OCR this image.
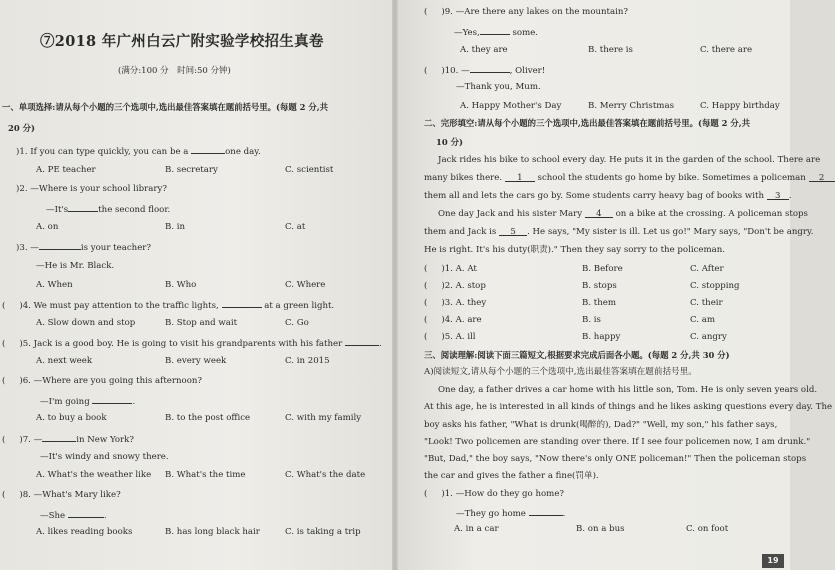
⑦2018 年广州白云广附实验学校招生真卷
(满分:100 分　时间:50 分钟)
一、单项选择:请从每个小题的三个选项中,选出最佳答案填在题前括号里。(每题 2 分,共
20 分)
)1. If you can type quickly, you can be a	one day.
A. PE teacher	B. secretary	C. scientist
)2. —Where is your school library?
—It's	the second floor.
A. on	B. in	C. at
)3. —	is your teacher?
—He is Mr. Black.
A. When	B. Who	C. Where
( )4. We must pay attention to the traffic lights,	at a green light.
A. Slow down and stop	B. Stop and wait	C. Go
( )5. Jack is a good boy. He is going to visit his grandparents with his father	.
A. next week	B. every week	C. in 2015
( )6. —Where are you going this afternoon?
—I'm going	.
A. to buy a book	B. to the post office	C. with my family
( )7. —	in New York?
—It's windy and snowy there.
A. What's the weather like B. What's the time	C. What's the date
( )8. —What's Mary like?
—She	.
A. likes reading books	B. has long black hair	C. is taking a trip
( )9. —Are there any lakes on the mountain?
—Yes,	some.
A. they are	B. there is	C. there are
( )10. —	, Oliver!
—Thank you, Mum.
A. Happy Mother's Day	B. Merry Christmas	C. Happy birthday
二、完形填空:请从每个小题的三个选项中,选出最佳答案填在题前括号里。(每题 2 分,共
10 分)
Jack rides his bike to school every day. He puts it in the garden of the school. There are
many bikes there. 1 school the students go home by bike. Sometimes a policeman 2
them all and lets the cars go by. Some students carry heavy bag of books with 3 .
One day Jack and his sister Mary 4 on a bike at the crossing. A policeman stops
them and Jack is 5 . He says, "My sister is ill. Let us go!" Mary says, "Don't be angry.
He is right. It's his duty(职责)." Then they say sorry to the policeman.
( )1. A. At	B. Before	C. After
( )2. A. stop	B. stops	C. stopping
( )3. A. they	B. them	C. their
( )4. A. are	B. is	C. am
( )5. A. ill	B. happy	C. angry
三、阅读理解:阅读下面三篇短文,根据要求完成后面各小题。(每题 2 分,共 30 分)
A)阅读短文,请从每个小题的三个选项中,选出最佳答案填在题前括号里。
One day, a father drives a car home with his little son, Tom. He is only seven years old.
At this age, he is interested in all kinds of things and he likes asking questions every day. The
boy asks his father, "What is drunk(喝醉的), Dad?" "Well, my son," his father says,
"Look! Two policemen are standing over there. If I see four policemen now, I am drunk."
"But, Dad," the boy says, "Now there's only ONE policeman!" Then the policeman stops
the car and gives the father a fine(罚单).
( )1. —How do they go home?
—They go home	.
A. in a car	B. on a bus	C. on foot
19
